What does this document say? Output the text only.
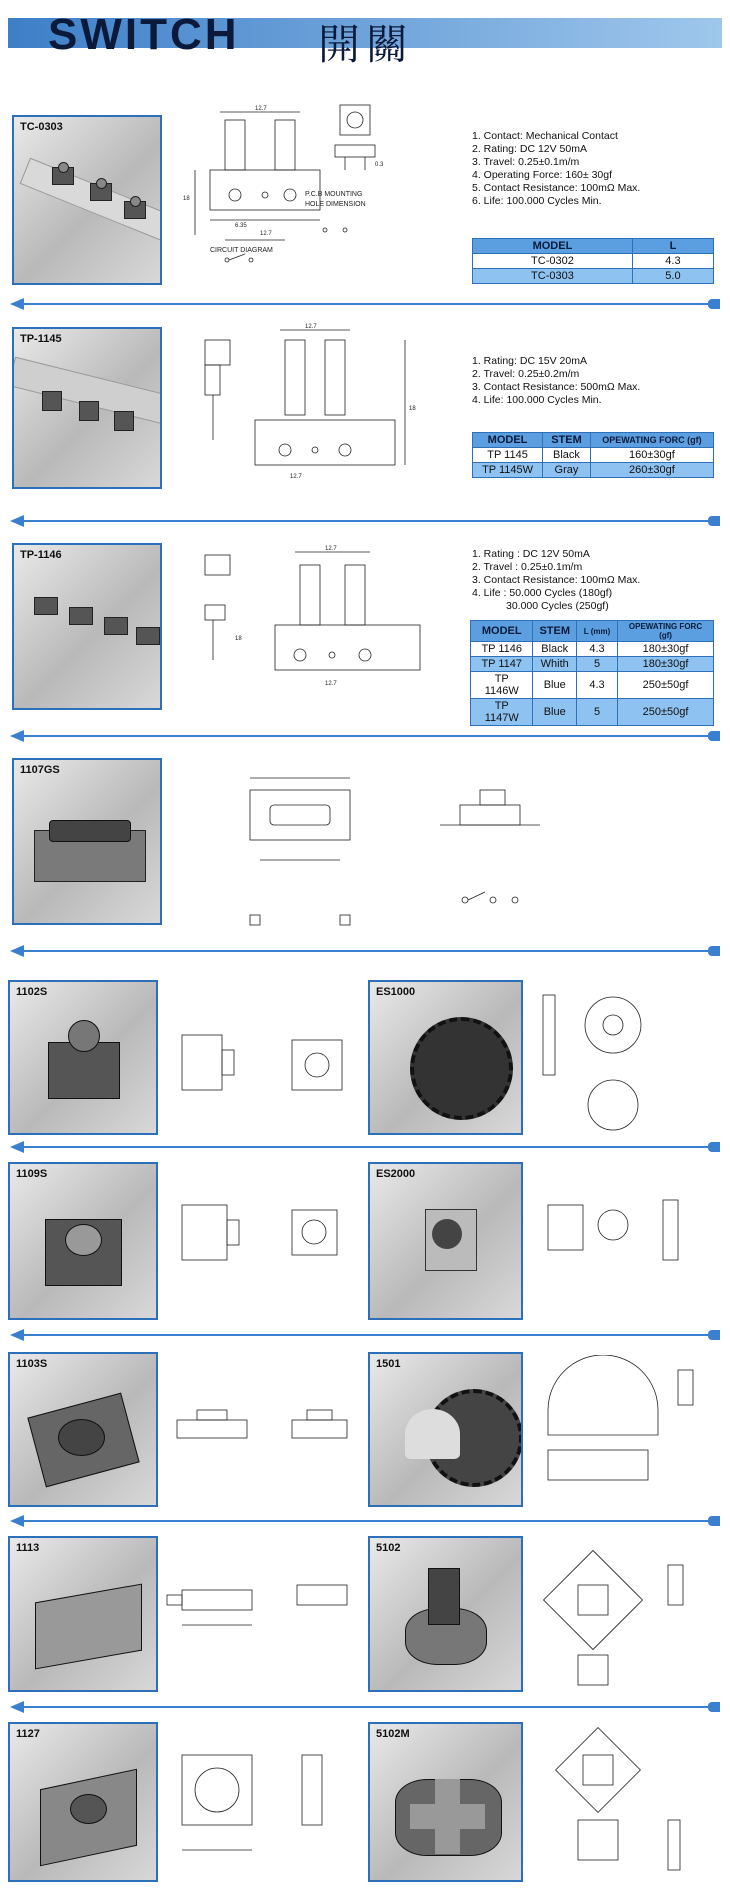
SWITCH 開關
TC-0303
12.7
18
6.35
12.7
CIRCUIT DIAGRAM
0.3
P.C.B MOUNTING
HOLE DIMENSION
1. Contact: Mechanical Contact
2. Rating: DC 12V 50mA
3. Travel: 0.25±0.1m/m
4. Operating Force: 160± 30gf
5. Contact Resistance: 100mΩ Max.
6. Life: 100.000 Cycles Min.
MODEL	L
TC-0302	4.3
TC-0303	5.0
TP-1145
12.7
18
12.7
1. Rating: DC 15V 20mA
2. Travel: 0.25±0.2m/m
3. Contact Resistance: 500mΩ Max.
4. Life: 100.000 Cycles Min.
MODEL	STEM	OPEWATING FORC (gf)
TP 1145	Black	160±30gf
TP 1145W	Gray	260±30gf
TP-1146	12.7
18
12.7
1. Rating : DC 12V 50mA
2. Travel : 0.25±0.1m/m
3. Contact Resistance: 100mΩ Max.
4. Life : 50.000 Cycles (180gf)
30.000 Cycles (250gf)
MODEL	STEM	L (mm)	OPEWATING FORC (gf)
TP 1146	Black	4.3	180±30gf
TP 1147	Whith	5	180±30gf
TP 1146W	Blue	4.3	250±50gf
TP 1147W	Blue	5	250±50gf
1107GS
1102S	ES1000
1109S	ES2000
1103S	1501
1113	5102
1127	5102M
